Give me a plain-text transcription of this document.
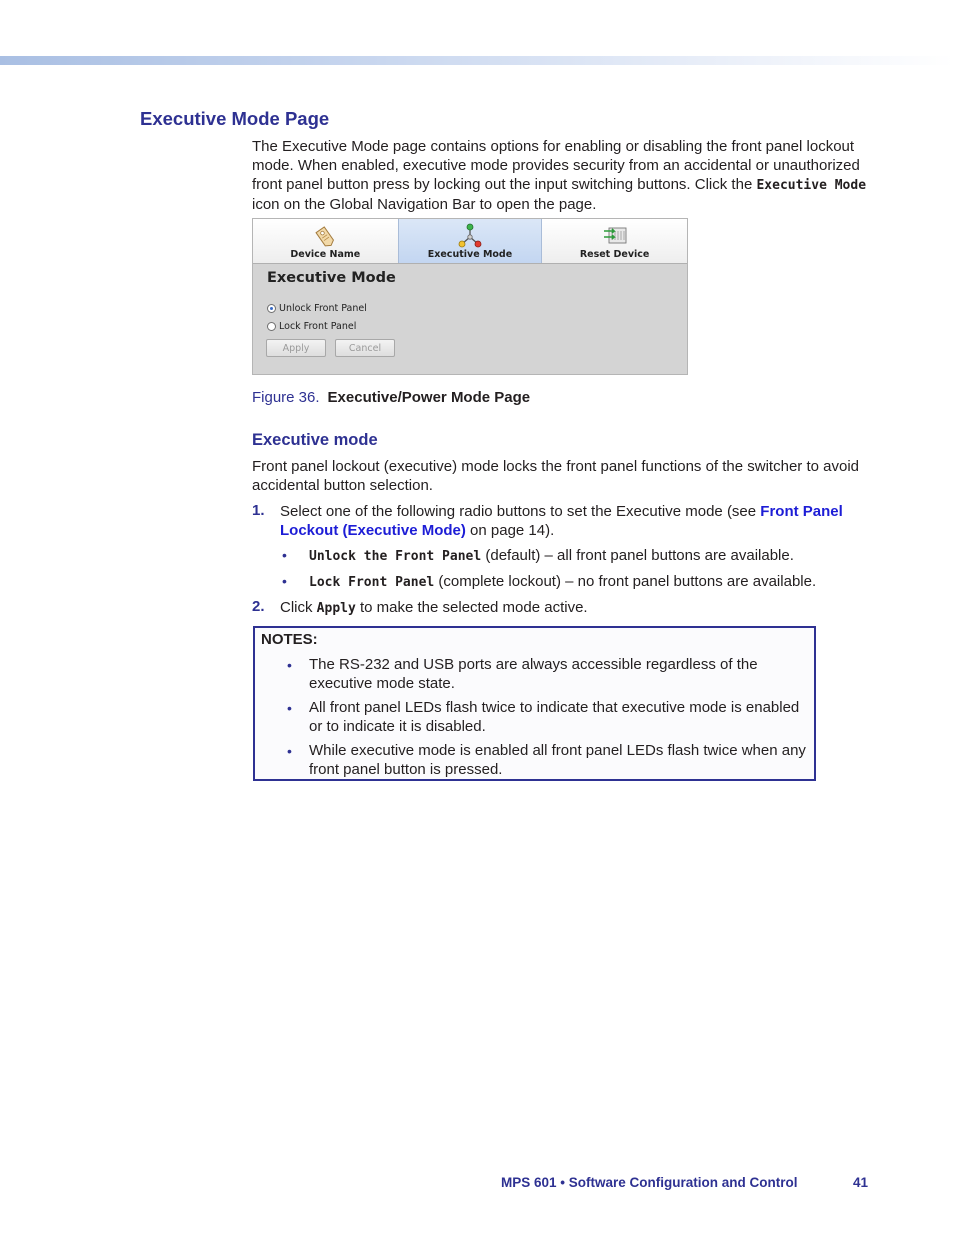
Executive Mode Page

The Executive Mode page contains options for enabling or disabling the front panel lockout mode. When enabled, executive mode provides security from an accidental or unauthorized front panel button press by locking out the input switching buttons. Click the Executive Mode icon on the Global Navigation Bar to open the page.

Device Name	Executive Mode	Reset Device
Executive Mode
Unlock Front Panel
Lock Front Panel
Apply	Cancel

Figure 36. Executive/Power Mode Page

Executive mode

Front panel lockout (executive) mode locks the front panel functions of the switcher to avoid accidental button selection.

1. Select one of the following radio buttons to set the Executive mode (see Front Panel Lockout (Executive Mode) on page 14).

• Unlock the Front Panel (default) – all front panel buttons are available.
• Lock Front Panel (complete lockout) – no front panel buttons are available.
2. Click Apply to make the selected mode active.

NOTES:
• The RS-232 and USB ports are always accessible regardless of the executive mode state.
• All front panel LEDs flash twice to indicate that executive mode is enabled or to indicate it is disabled.
• While executive mode is enabled all front panel LEDs flash twice when any front panel button is pressed.
MPS 601 • Software Configuration and Control	41
